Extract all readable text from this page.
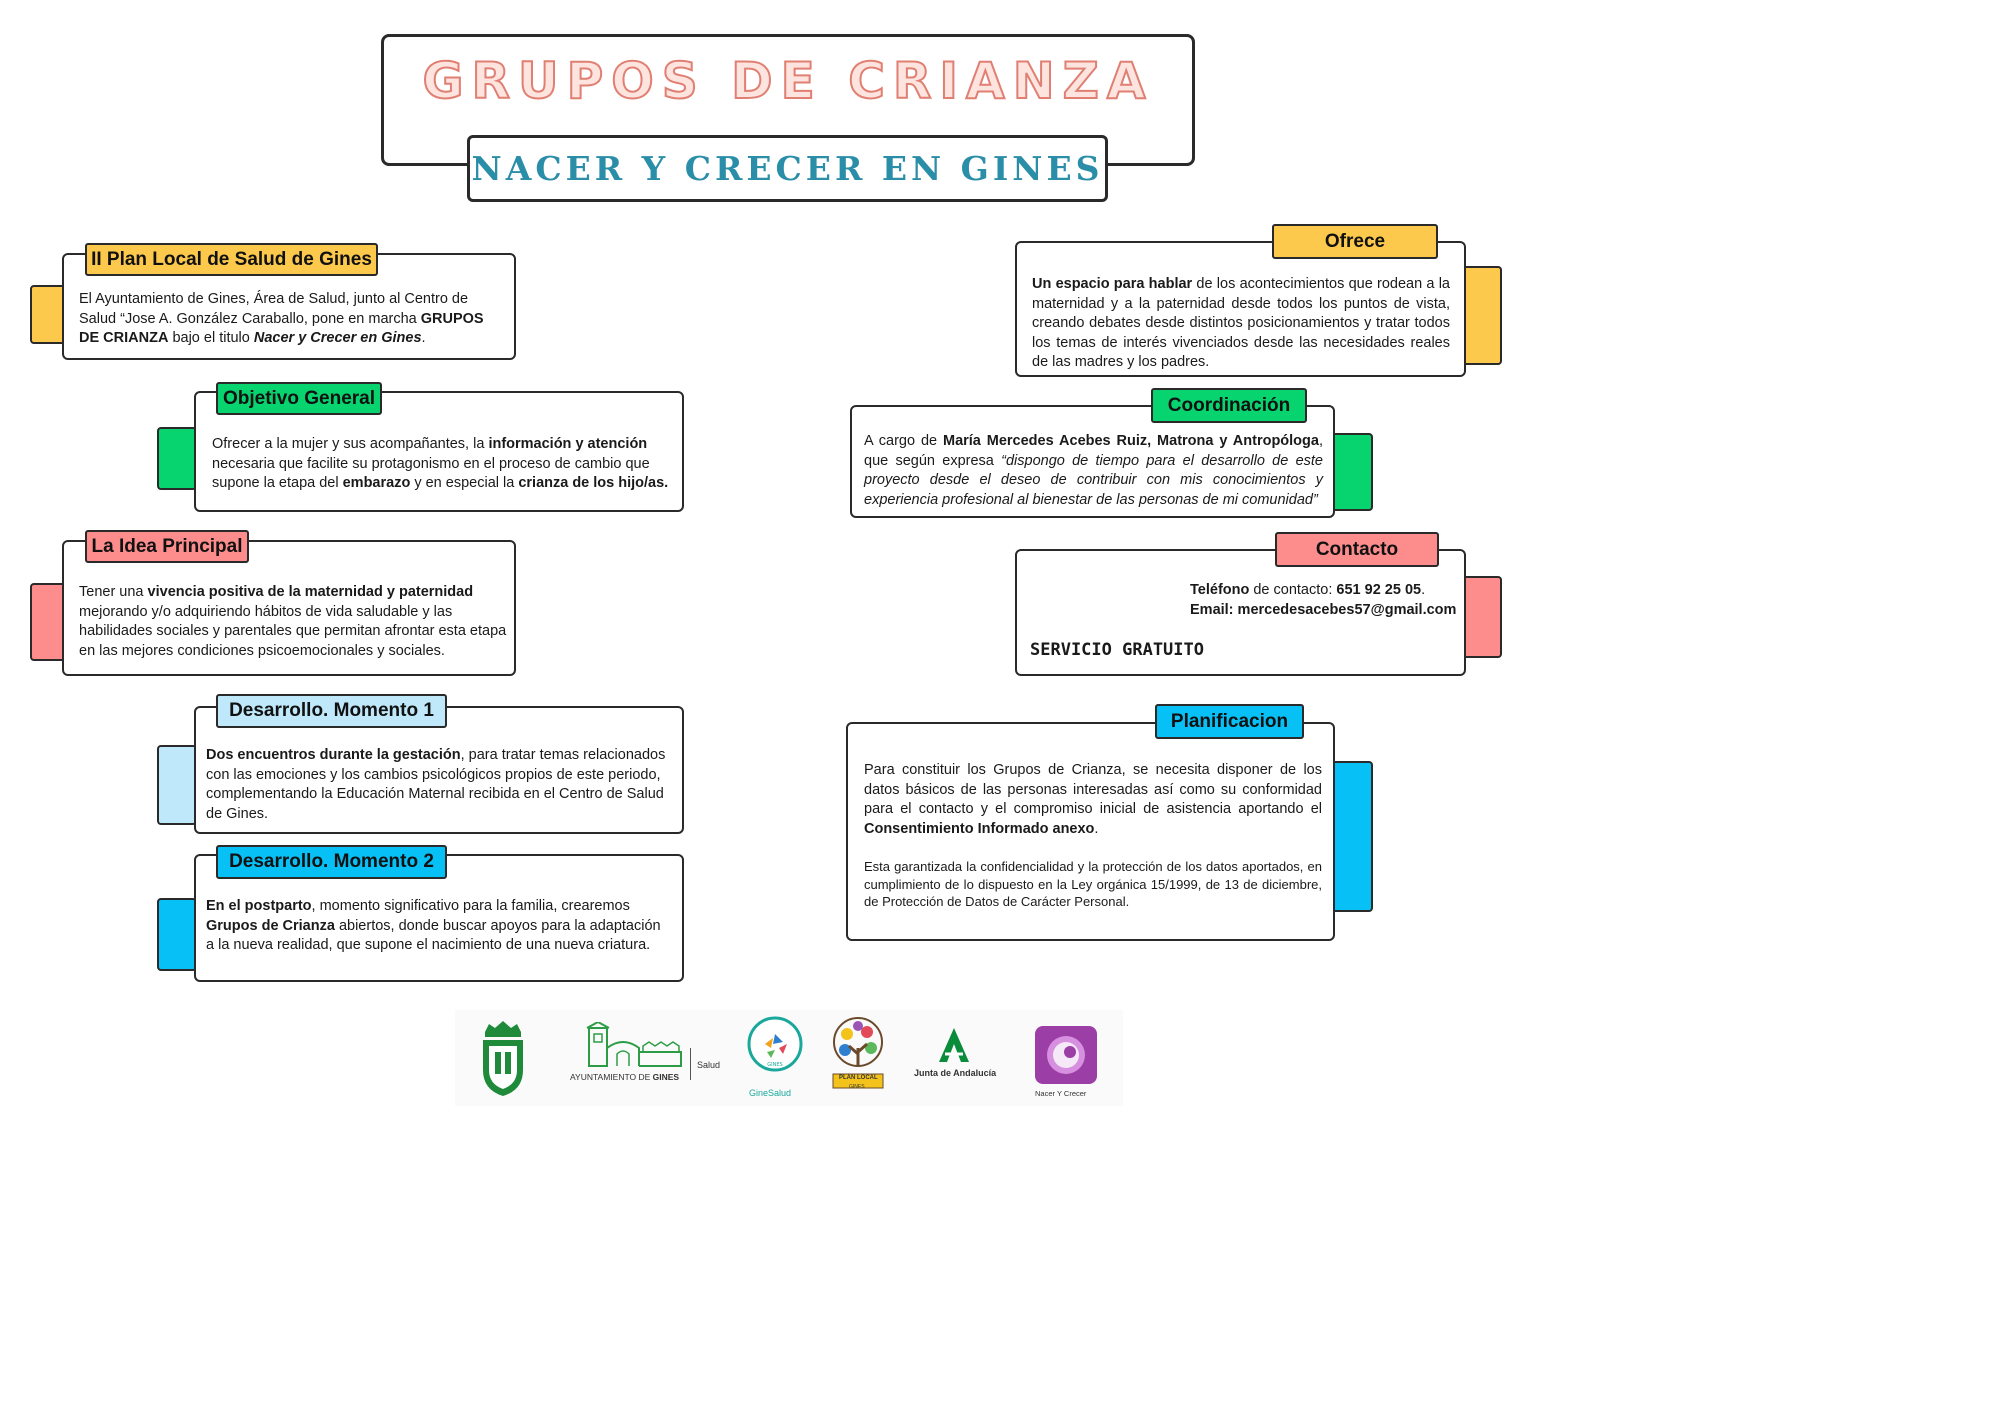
GRUPOS DE CRIANZA
NACER Y CRECER EN GINES

El Ayuntamiento de Gines, Área de Salud, junto al Centro de Salud “Jose A. González Caraballo, pone en marcha GRUPOS DE CRIANZA bajo el titulo Nacer y Crecer en Gines.

II Plan Local de Salud de Gines

Ofrecer a la mujer y sus acompañantes, la información y atención necesaria que facilite su protagonismo en el proceso de cambio que supone la etapa del embarazo y en especial la crianza de los hijo/as.

Objetivo General

Tener una vivencia positiva de la maternidad y paternidad mejorando y/o adquiriendo hábitos de vida saludable y las habilidades sociales y parentales que permitan afrontar esta etapa en las mejores condiciones psicoemocionales y sociales.

La Idea Principal

Dos encuentros durante la gestación, para tratar temas relacionados con las emociones y los cambios psicológicos propios de este periodo, complementando la Educación Maternal recibida en el Centro de Salud de Gines.

Desarrollo. Momento 1

En el postparto, momento significativo para la familia, crearemos Grupos de Crianza abiertos, donde buscar apoyos para la adaptación a la nueva realidad, que supone el nacimiento de una nueva criatura.

Desarrollo. Momento 2

Un espacio para hablar de los acontecimientos que rodean a la maternidad y a la paternidad desde todos los puntos de vista, creando debates desde distintos posicionamientos y tratar todos los temas de interés vivenciados desde las necesidades reales de las madres y los padres.

Ofrece

A cargo de María Mercedes Acebes Ruiz, Matrona y Antropóloga, que según expresa “dispongo de tiempo para el desarrollo de este proyecto desde el deseo de contribuir con mis conocimientos y experiencia profesional al bienestar de las personas de mi comunidad”

Coordinación

Teléfono de contacto: 651 92 25 05.

Email: mercedesacebes57@gmail.com

SERVICIO GRATUITO

Contacto

Para constituir los Grupos de Crianza, se necesita disponer de los datos básicos de las personas interesadas así como su conformidad para el contacto y el compromiso inicial de asistencia aportando el Consentimiento Informado anexo.

Esta garantizada la confidencialidad y la protección de los datos aportados, en cumplimiento de lo dispuesto en la Ley orgánica 15/1999, de 13 de diciembre, de Protección de Datos de Carácter Personal.

Planificacion
AYUNTAMIENTO DE GINES
Salud	GINES
GineSalud
PLAN LOCAL
GINES
Junta de Andalucía
Nacer Y Crecer
